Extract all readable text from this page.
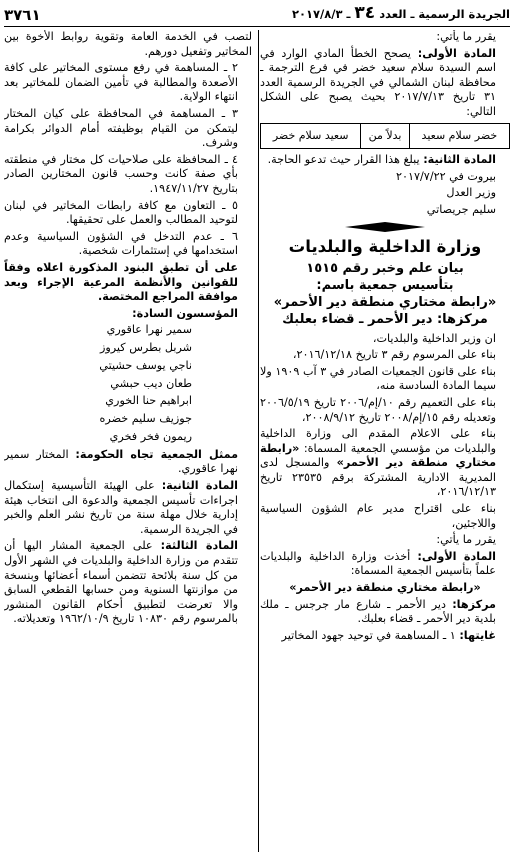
الجريدة الرسمية ـ العدد ٣٤ ـ ٢٠١٧/٨/٣
٣٧٦١

يقرر ما يأتي:

المادة الأولى: يصحح الخطأ المادي الوارد في اسم السيدة سلام سعيد خضر في فرع الترجمة ـ محافظة لبنان الشمالي في الجريدة الرسمية العدد ٣١ تاريخ ٢٠١٧/٧/١٣ بحيث يصبح على الشكل التالي:

خضر سلام سعيد	بدلاً من	سعيد سلام خضر

المادة الثانية: يبلغ هذا القرار حيث تدعو الحاجة.

بيروت في ٢٠١٧/٧/٢٢

وزير العدل

سليم جريصاتي

وزارة الداخلية والبلديات
بيان علم وخبر رقم ١٥١٥
بتأسيس جمعية باسم:
«رابطة مختاري منطقة دير الأحمر»
مركزها: دير الأحمر ـ قضاء بعلبك

ان وزير الداخلية والبلديات،

بناء على المرسوم رقم ٣ تاريخ ٢٠١٦/١٢/١٨،

بناء على قانون الجمعيات الصادر في ٣ آب ١٩٠٩ ولا سيما المادة السادسة منه،

بناء على التعميم رقم ١٠/إم/٢٠٠٦ تاريخ ٢٠٠٦/٥/١٩ وتعديله رقم ١٥/إم/٢٠٠٨ تاريخ ٢٠٠٨/٩/١٢،

بناء على الاعلام المقدم الى وزارة الداخلية والبلديات من مؤسسي الجمعية المسماة: «رابطة مختاري منطقة دير الأحمر» والمسجل لدى المديرية الادارية المشتركة برقم ٢٣٥٣٥ تاريخ ٢٠١٦/١٢/١٣،

بناء على اقتراح مدير عام الشؤون السياسية واللاجئين،

يقرر ما يأتي:

المادة الأولى: أخذت وزارة الداخلية والبلديات علماً بتأسيس الجمعية المسماة:

«رابطة مختاري منطقة دير الأحمر»

مركزها: دير الأحمر ـ شارع مار جرجس ـ ملك بلدية دير الأحمر ـ قضاء بعلبك.

غايتها: ١ ـ المساهمة في توحيد جهود المخاتير

لتصب في الخدمة العامة وتقوية روابط الأخوة بين المخاتير وتفعيل دورهم.

٢ ـ المساهمة في رفع مستوى المخاتير على كافة الأصعدة والمطالبة في تأمين الضمان للمخاتير بعد انتهاء الولاية.

٣ ـ المساهمة في المحافظة على كيان المختار ليتمكن من القيام بوظيفته أمام الدوائر بكرامة وشرف.

٤ ـ المحافظة على صلاحيات كل مختار في منطقته بأي صفة كانت وحسب قانون المختارين الصادر بتاريخ ١٩٤٧/١١/٢٧.

٥ ـ التعاون مع كافة رابطات المخاتير في لبنان لتوحيد المطالب والعمل على تحقيقها.

٦ ـ عدم التدخل في الشؤون السياسية وعدم استخدامها في إستثمارات شخصية.

على أن تطبق البنود المذكورة اعلاه وفقاً للقوانين والأنظمة المرعية الإجراء وبعد موافقة المراجع المختصة.

المؤسسون السادة:

سمير نهرا عاقوري

شربل بطرس كيروز

ناجي يوسف حشيتي

طعان ديب حبشي

ابراهيم حنا الخوري

جوزيف سليم خضره

ريمون فخر فخري

ممثل الجمعية تجاه الحكومة: المختار سمير نهرا عاقوري.

المادة الثانية: على الهيئة التأسيسية إستكمال اجراءات تأسيس الجمعية والدعوة الى انتخاب هيئة إدارية خلال مهلة سنة من تاريخ نشر العلم والخبر في الجريدة الرسمية.

المادة الثالثة: على الجمعية المشار اليها أن تتقدم من وزارة الداخلية والبلديات في الشهر الأول من كل سنة بلائحة تتضمن أسماء أعضائها وبنسخة من موازنتها السنوية ومن حسابها القطعي السابق والا تعرضت لتطبيق أحكام القانون المنشور بالمرسوم رقم ١٠٨٣٠ تاريخ ١٩٦٢/١٠/٩ وتعديلاته.
